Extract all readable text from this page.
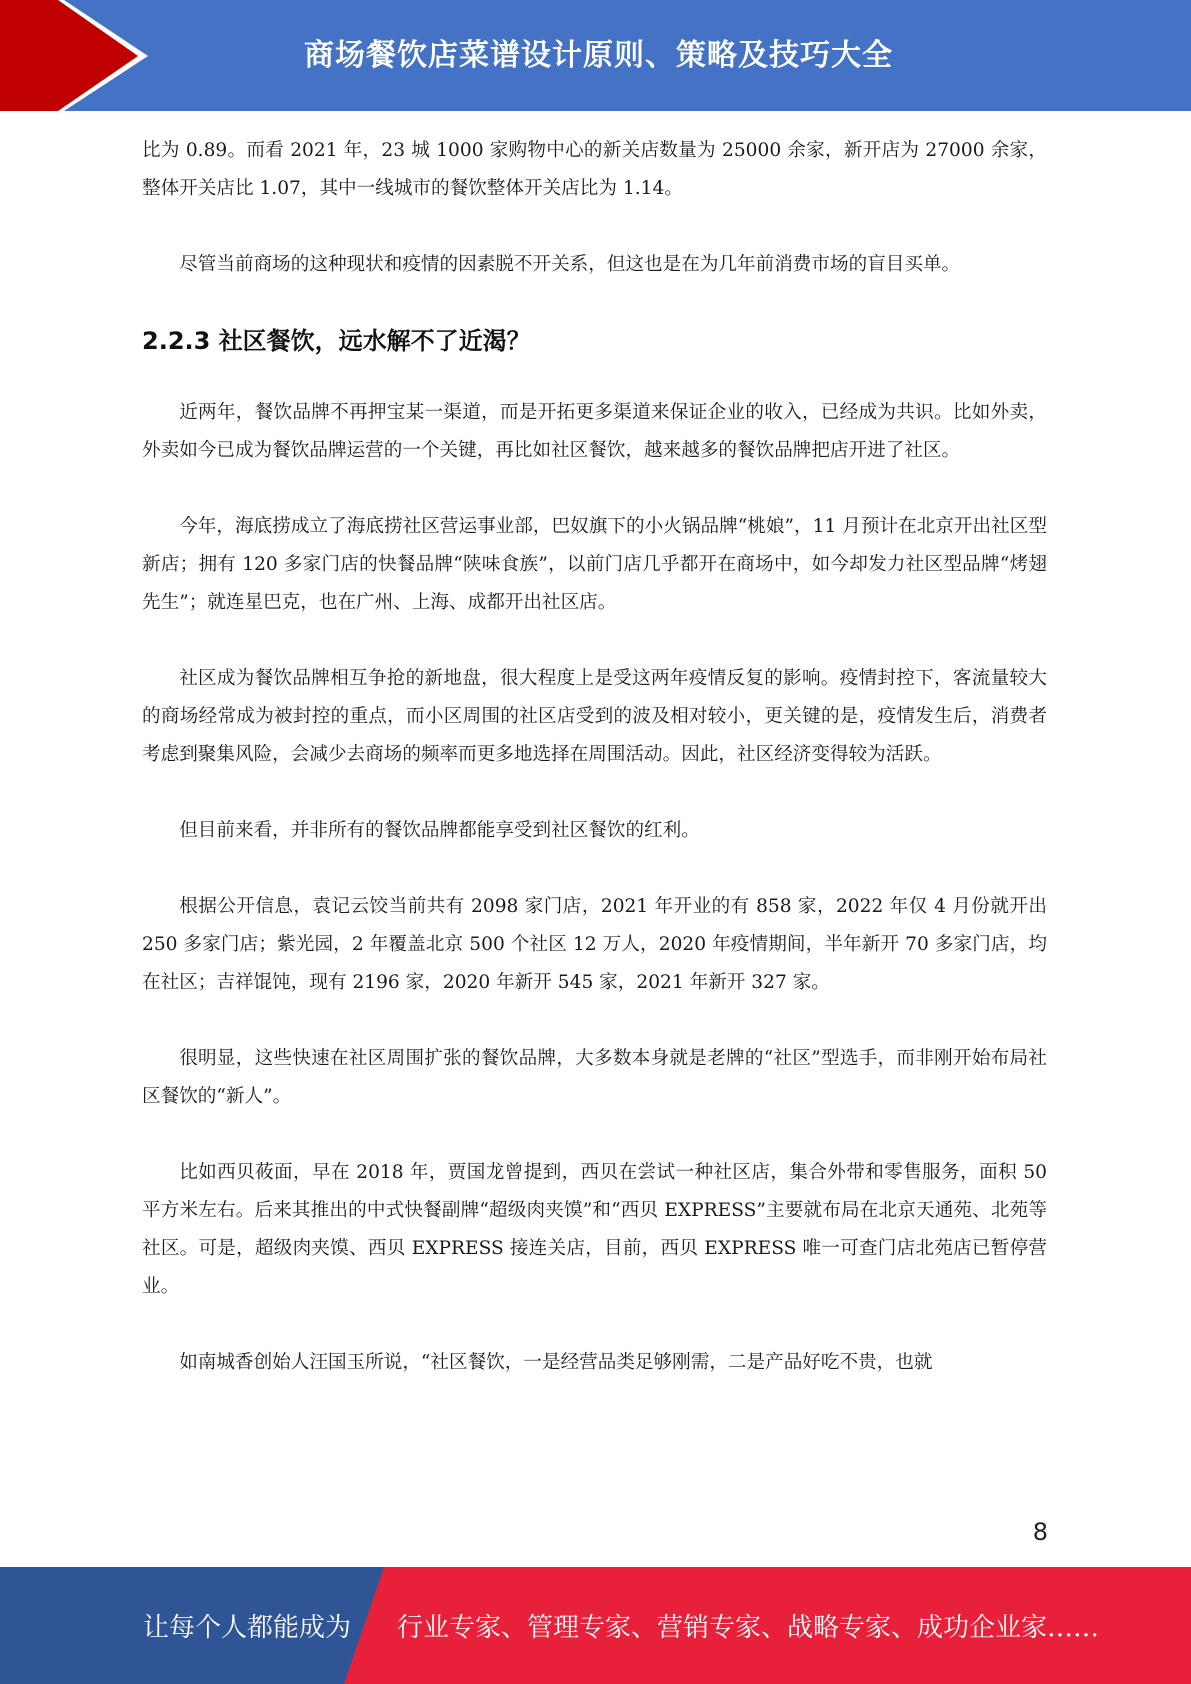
商场餐饮店菜谱设计原则、策略及技巧大全

比为 0.89。而看 2021 年，23 城 1000 家购物中心的新关店数量为 25000 余家，新开店为 27000 余家，整体开关店比 1.07，其中一线城市的餐饮整体开关店比为 1.14。

尽管当前商场的这种现状和疫情的因素脱不开关系，但这也是在为几年前消费市场的盲目买单。

2.2.3 社区餐饮，远水解不了近渴？

近两年，餐饮品牌不再押宝某一渠道，而是开拓更多渠道来保证企业的收入，已经成为共识。比如外卖，外卖如今已成为餐饮品牌运营的一个关键，再比如社区餐饮，越来越多的餐饮品牌把店开进了社区。

今年，海底捞成立了海底捞社区营运事业部，巴奴旗下的小火锅品牌“桃娘”，11 月预计在北京开出社区型新店；拥有 120 多家门店的快餐品牌“陕味食族”，以前门店几乎都开在商场中，如今却发力社区型品牌“烤翅先生”；就连星巴克，也在广州、上海、成都开出社区店。

社区成为餐饮品牌相互争抢的新地盘，很大程度上是受这两年疫情反复的影响。疫情封控下，客流量较大的商场经常成为被封控的重点，而小区周围的社区店受到的波及相对较小，更关键的是，疫情发生后，消费者考虑到聚集风险，会减少去商场的频率而更多地选择在周围活动。因此，社区经济变得较为活跃。

但目前来看，并非所有的餐饮品牌都能享受到社区餐饮的红利。

根据公开信息，袁记云饺当前共有 2098 家门店，2021 年开业的有 858 家，2022 年仅 4 月份就开出 250 多家门店；紫光园，2 年覆盖北京 500 个社区 12 万人，2020 年疫情期间，半年新开 70 多家门店，均在社区；吉祥馄饨，现有 2196 家，2020 年新开 545 家，2021 年新开 327 家。

很明显，这些快速在社区周围扩张的餐饮品牌，大多数本身就是老牌的“社区”型选手，而非刚开始布局社区餐饮的“新人”。

比如西贝莜面，早在 2018 年，贾国龙曾提到，西贝在尝试一种社区店，集合外带和零售服务，面积 50 平方米左右。后来其推出的中式快餐副牌“超级肉夹馍”和“西贝 EXPRESS”主要就布局在北京天通苑、北苑等社区。可是，超级肉夹馍、西贝 EXPRESS 接连关店，目前，西贝 EXPRESS 唯一可查门店北苑店已暂停营业。

如南城香创始人汪国玉所说，“社区餐饮，一是经营品类足够刚需，二是产品好吃不贵，也就

8
让每个人都能成为 行业专家、管理专家、营销专家、战略专家、成功企业家……
